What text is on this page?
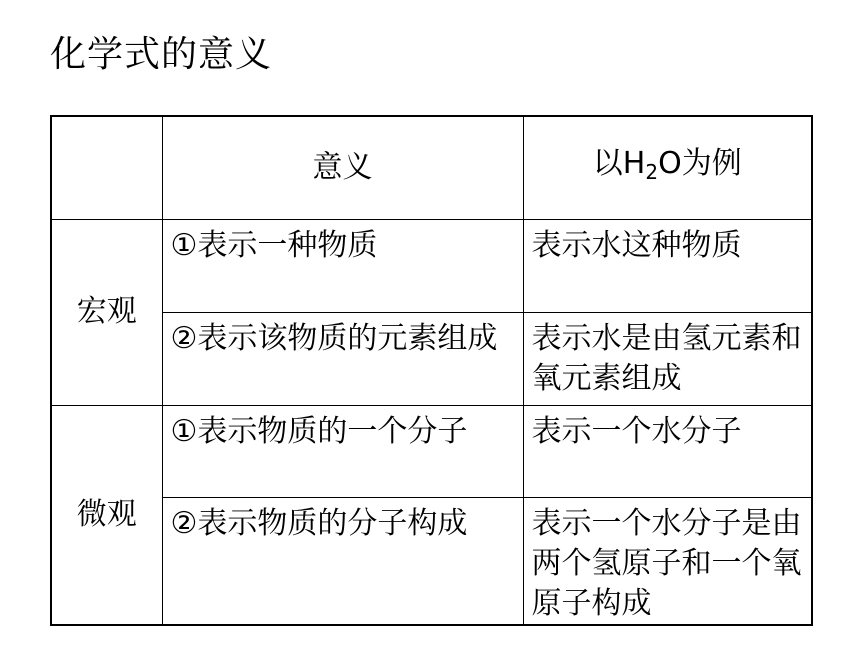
化学式的意义
	意义	以$H_2O$为例
宏观	①表示一种物质	表示水这种物质

	②表示该物质的元素组成	表示水是由氢元素和氧元素组成

微观	①表示物质的一个分子	表示一个水分子

	②表示物质的分子构成	表示一个水分子是由两个氢原子和一个氧原子构成
